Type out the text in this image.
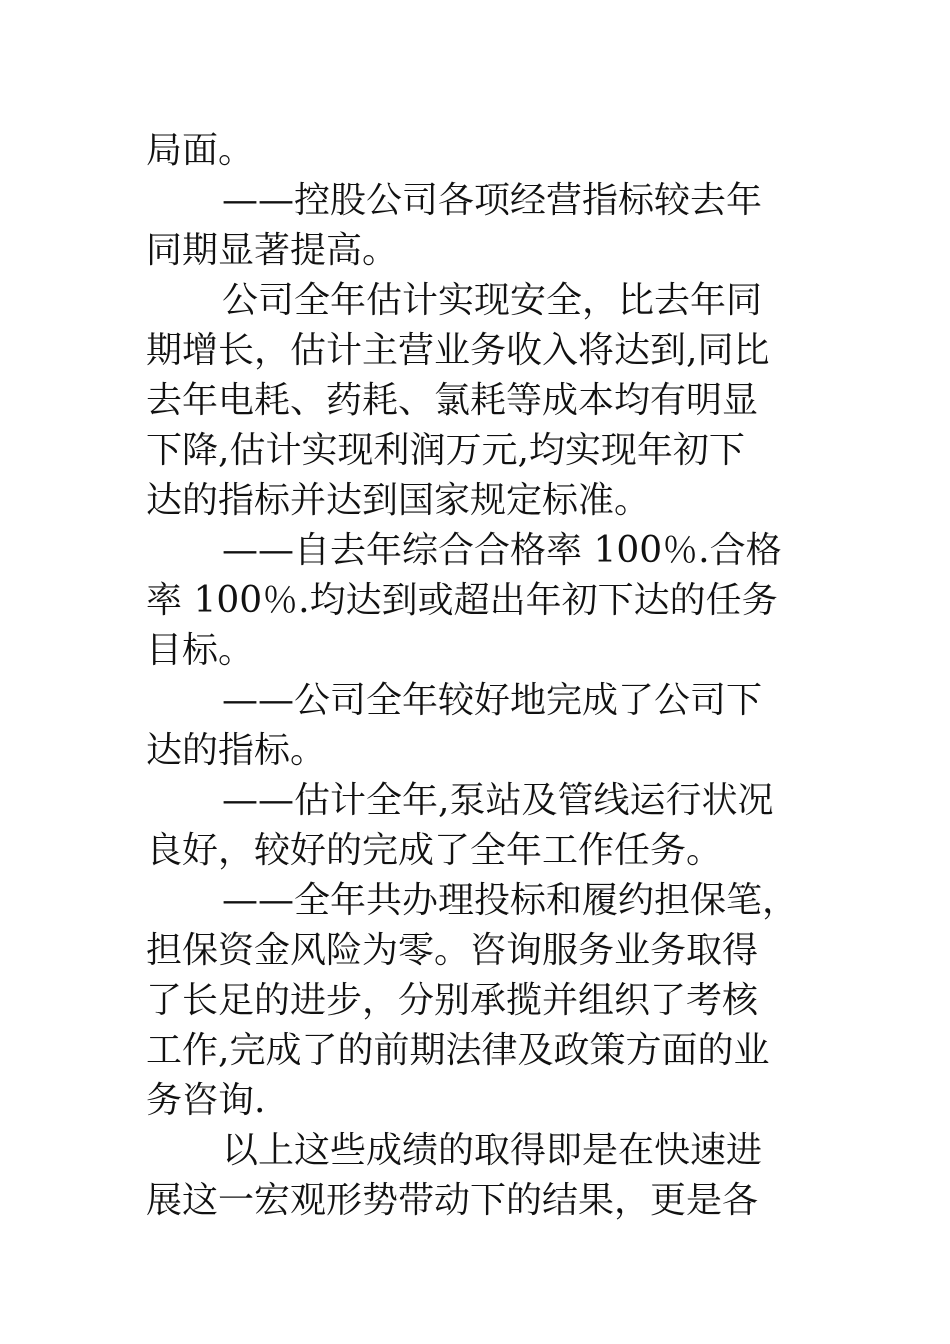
局面。
——控股公司各项经营指标较去年
同期显著提高。
公司全年估计实现安全，比去年同
期增长，估计主营业务收入将达到,同比
去年电耗、药耗、氯耗等成本均有明显
下降,估计实现利润万元,均实现年初下
达的指标并达到国家规定标准。
——自去年综合合格率 100％.合格
率 100％.均达到或超出年初下达的任务
目标。
——公司全年较好地完成了公司下
达的指标。
——估计全年,泵站及管线运行状况
良好，较好的完成了全年工作任务。
——全年共办理投标和履约担保笔，
担保资金风险为零。咨询服务业务取得
了长足的进步，分别承揽并组织了考核
工作,完成了的前期法律及政策方面的业
务咨询.
以上这些成绩的取得即是在快速进
展这一宏观形势带动下的结果，更是各
